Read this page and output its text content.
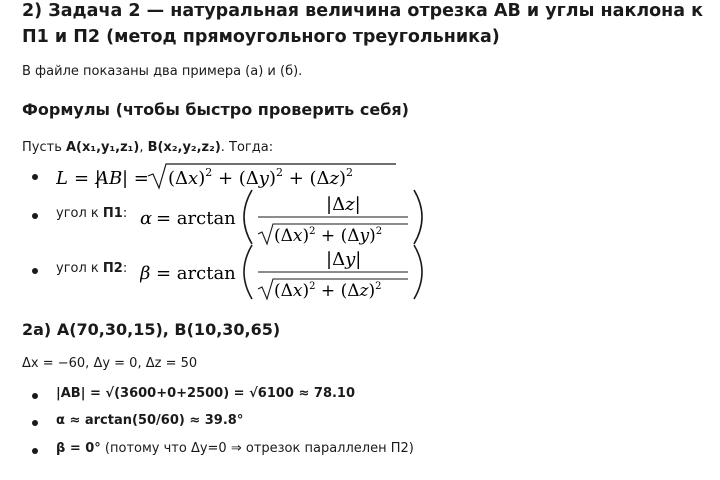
2) Задача 2 — натуральная величина отрезка AB и углы наклона к П1 и П2 (метод прямоугольного треугольника)

В файле показаны два примера (а) и (б).

Формулы (чтобы быстро проверить себя)

Пусть A(x₁,y₁,z₁), B(x₂,y₂,z₂). Тогда:

L = |
AB | = $(\Delta x)^2 + (\Delta y)^2 + (\Delta z)^2$
угол к П1: α = arctan
|Δz|
$(\Delta x)^2 + (\Delta y)^2$
угол к П2: β = arctan
|Δy|
$(\Delta x)^2 + (\Delta z)^2$
2а) A(70,30,15), B(10,30,65)

Δx = −60, Δy = 0, Δz = 50

|AB| = √(3600+0+2500) = √6100 ≈ 78.10
α ≈ arctan(50/60) ≈ 39.8°
β = 0° (потому что Δy=0 ⇒ отрезок параллелен П2)
